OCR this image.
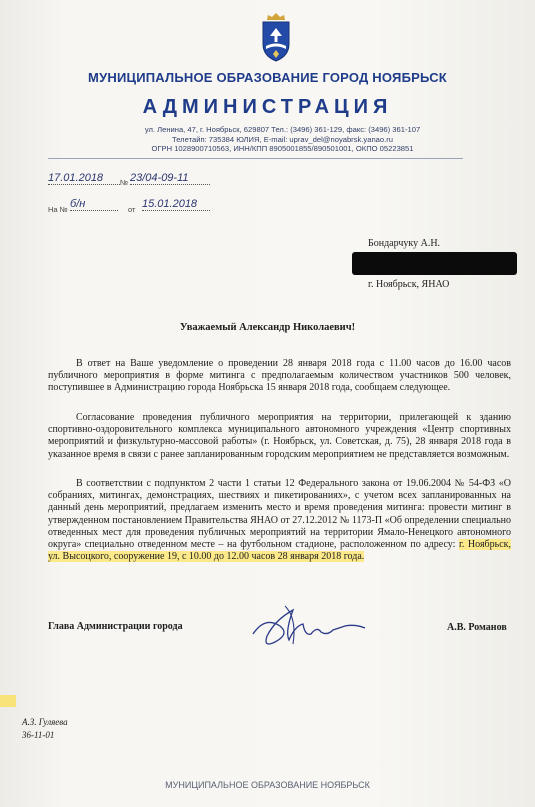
МУНИЦИПАЛЬНОЕ ОБРАЗОВАНИЕ ГОРОД НОЯБРЬСК
АДМИНИСТРАЦИЯ
ул. Ленина, 47, г. Ноябрьск, 629807 Тел.: (3496) 361-129, факс: (3496) 361-107
Телетайп: 735384 ЮЛИЯ, E-mail: uprav_del@noyabrsk.yanao.ru
ОГРН 1028900710563, ИНН/КПП 8905001855/890501001, ОКПО 05223851
17.01.2018	№ 23/04-09-11
На № б/н	от 15.01.2018
Бондарчуку А.Н.
г. Ноябрьск, ЯНАО
Уважаемый Александр Николаевич!

В ответ на Ваше уведомление о проведении 28 января 2018 года с 11.00 часов до 16.00 часов публичного мероприятия в форме митинга с предполагаемым количеством участников 500 человек, поступившее в Администрацию города Ноябрьска 15 января 2018 года, сообщаем следующее.

Согласование проведения публичного мероприятия на территории, прилегающей к зданию спортивно-оздоровительного комплекса муниципального автономного учреждения «Центр спортивных мероприятий и физкультурно-массовой работы» (г. Ноябрьск, ул. Советская, д. 75), 28 января 2018 года в указанное время в связи с ранее запланированным городским мероприятием не представляется возможным.

В соответствии с подпунктом 2 части 1 статьи 12 Федерального закона от 19.06.2004 № 54-ФЗ «О собраниях, митингах, демонстрациях, шествиях и пикетированиях», с учетом всех запланированных на данный день мероприятий, предлагаем изменить место и время проведения митинга: провести митинг в утвержденном постановлением Правительства ЯНАО от 27.12.2012 № 1173-П «Об определении специально отведенных мест для проведения публичных мероприятий на территории Ямало-Ненецкого автономного округа» специально отведенном месте – на футбольном стадионе, расположенном по адресу: г. Ноябрьск, ул. Высоцкого, сооружение 19, с 10.00 до 12.00 часов 28 января 2018 года.

Глава Администрации города	А.В. Романов
А.З. Гуляева
36-11-01
МУНИЦИПАЛЬНОЕ ОБРАЗОВАНИЕ НОЯБРЬСК
